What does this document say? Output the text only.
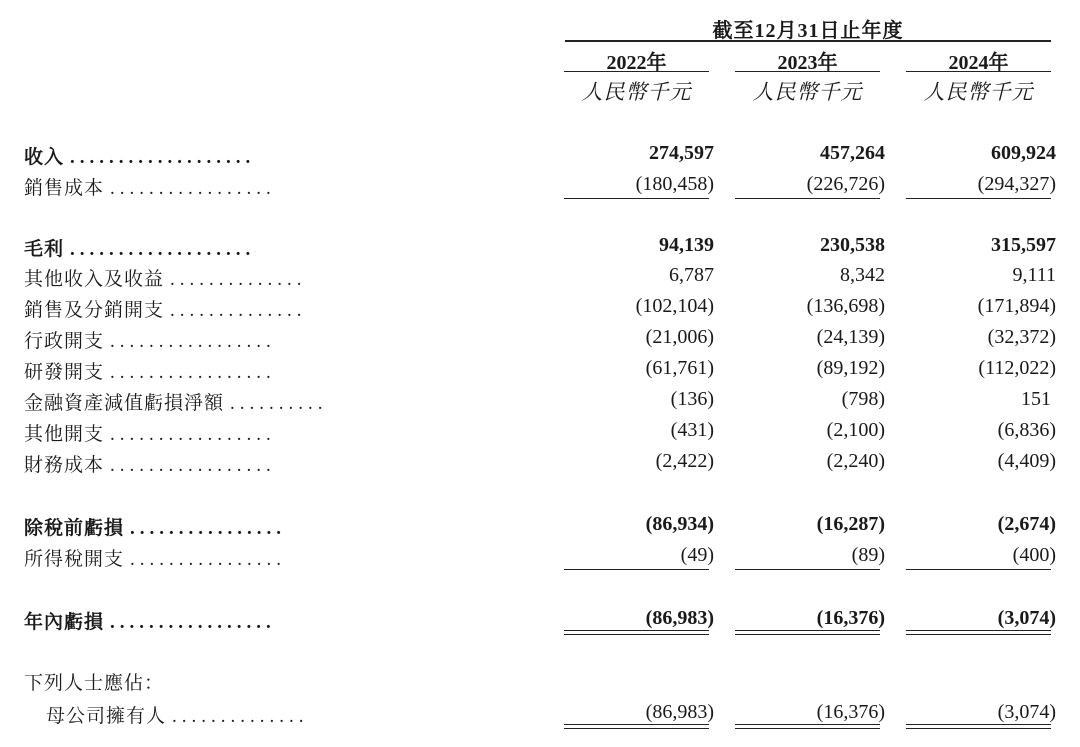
截至12月31日止年度
2022年	2023年	2024年
人民幣千元	人民幣千元	人民幣千元
收入 ...................	274,597	457,264	609,924
銷售成本 .................	(180,458)	(226,726)	(294,327)
毛利 ...................	94,139	230,538	315,597
其他收入及收益 ..............	6,787	8,342	9,111
銷售及分銷開支 ..............	(102,104)	(136,698)	(171,894)
行政開支 .................	(21,006)	(24,139)	(32,372)
研發開支 .................	(61,761)	(89,192)	(112,022)
金融資產減值虧損淨額 ..........	(136)	(798)	151
其他開支 .................	(431)	(2,100)	(6,836)
財務成本 .................	(2,422)	(2,240)	(4,409)
除稅前虧損 ................	(86,934)	(16,287)	(2,674)
所得稅開支 ................	(49)	(89)	(400)
年內虧損 .................	(86,983)	(16,376)	(3,074)
下列人士應佔：
母公司擁有人 ..............	(86,983)	(16,376)	(3,074)
